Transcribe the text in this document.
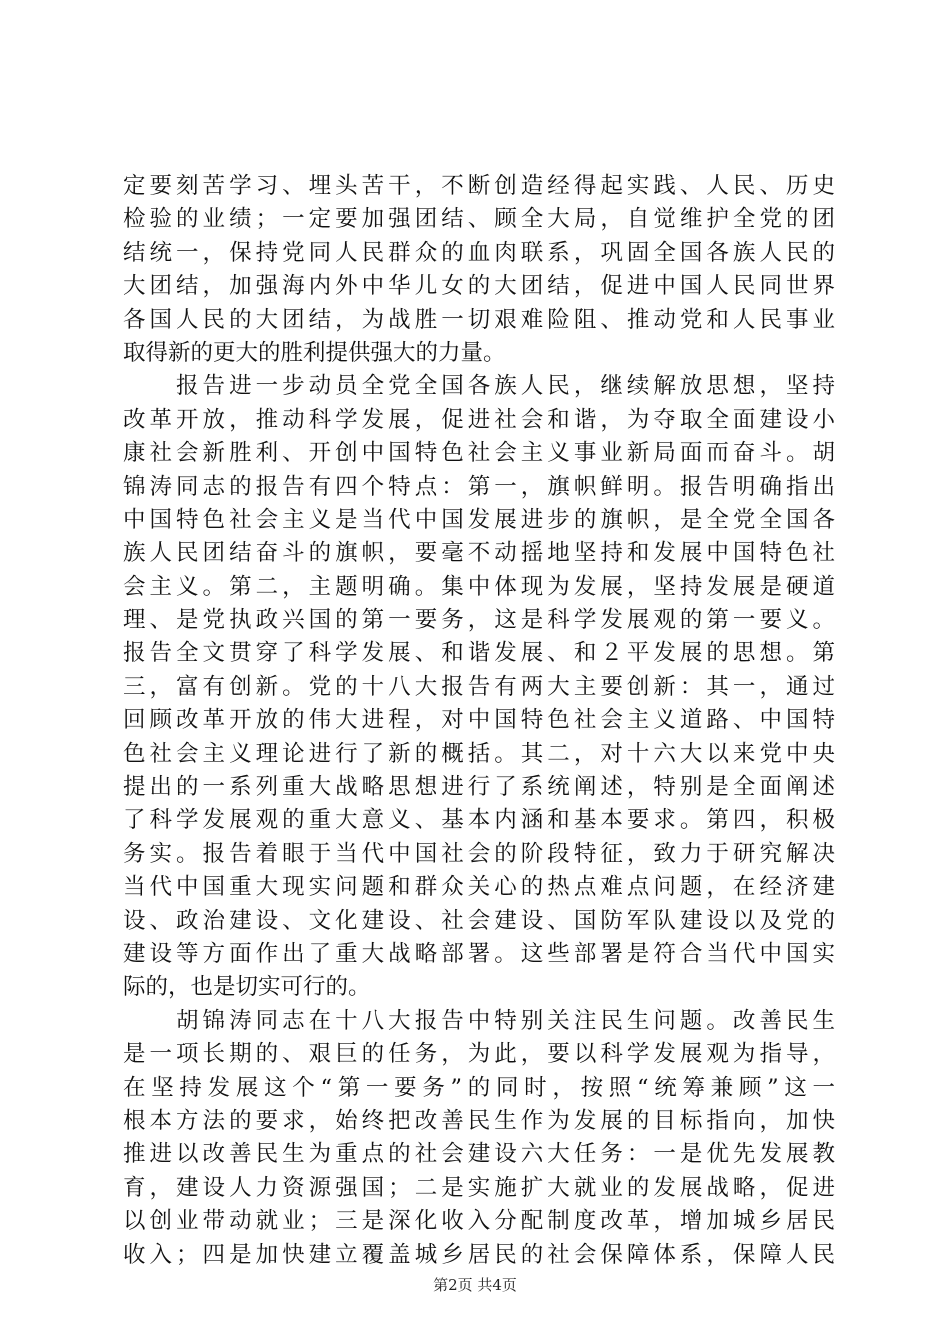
定要刻苦学习、埋头苦干，不断创造经得起实践、人民、历史
检验的业绩；一定要加强团结、顾全大局，自觉维护全党的团
结统一，保持党同人民群众的血肉联系，巩固全国各族人民的
大团结，加强海内外中华儿女的大团结，促进中国人民同世界
各国人民的大团结，为战胜一切艰难险阻、推动党和人民事业
取得新的更大的胜利提供强大的力量。
　　报告进一步动员全党全国各族人民，继续解放思想，坚持
改革开放，推动科学发展，促进社会和谐，为夺取全面建设小
康社会新胜利、开创中国特色社会主义事业新局面而奋斗。胡
锦涛同志的报告有四个特点：第一，旗帜鲜明。报告明确指出
中国特色社会主义是当代中国发展进步的旗帜，是全党全国各
族人民团结奋斗的旗帜，要毫不动摇地坚持和发展中国特色社
会主义。第二，主题明确。集中体现为发展，坚持发展是硬道
理、是党执政兴国的第一要务，这是科学发展观的第一要义。
报告全文贯穿了科学发展、和谐发展、和２平发展的思想。第
三，富有创新。党的十八大报告有两大主要创新：其一，通过
回顾改革开放的伟大进程，对中国特色社会主义道路、中国特
色社会主义理论进行了新的概括。其二，对十六大以来党中央
提出的一系列重大战略思想进行了系统阐述，特别是全面阐述
了科学发展观的重大意义、基本内涵和基本要求。第四，积极
务实。报告着眼于当代中国社会的阶段特征，致力于研究解决
当代中国重大现实问题和群众关心的热点难点问题，在经济建
设、政治建设、文化建设、社会建设、国防军队建设以及党的
建设等方面作出了重大战略部署。这些部署是符合当代中国实
际的，也是切实可行的。
　　胡锦涛同志在十八大报告中特别关注民生问题。改善民生
是一项长期的、艰巨的任务，为此，要以科学发展观为指导，
在坚持发展这个“第一要务”的同时，按照“统筹兼顾”这一
根本方法的要求，始终把改善民生作为发展的目标指向，加快
推进以改善民生为重点的社会建设六大任务：一是优先发展教
育，建设人力资源强国；二是实施扩大就业的发展战略，促进
以创业带动就业；三是深化收入分配制度改革，增加城乡居民
收入；四是加快建立覆盖城乡居民的社会保障体系，保障人民
第2页 共4页
